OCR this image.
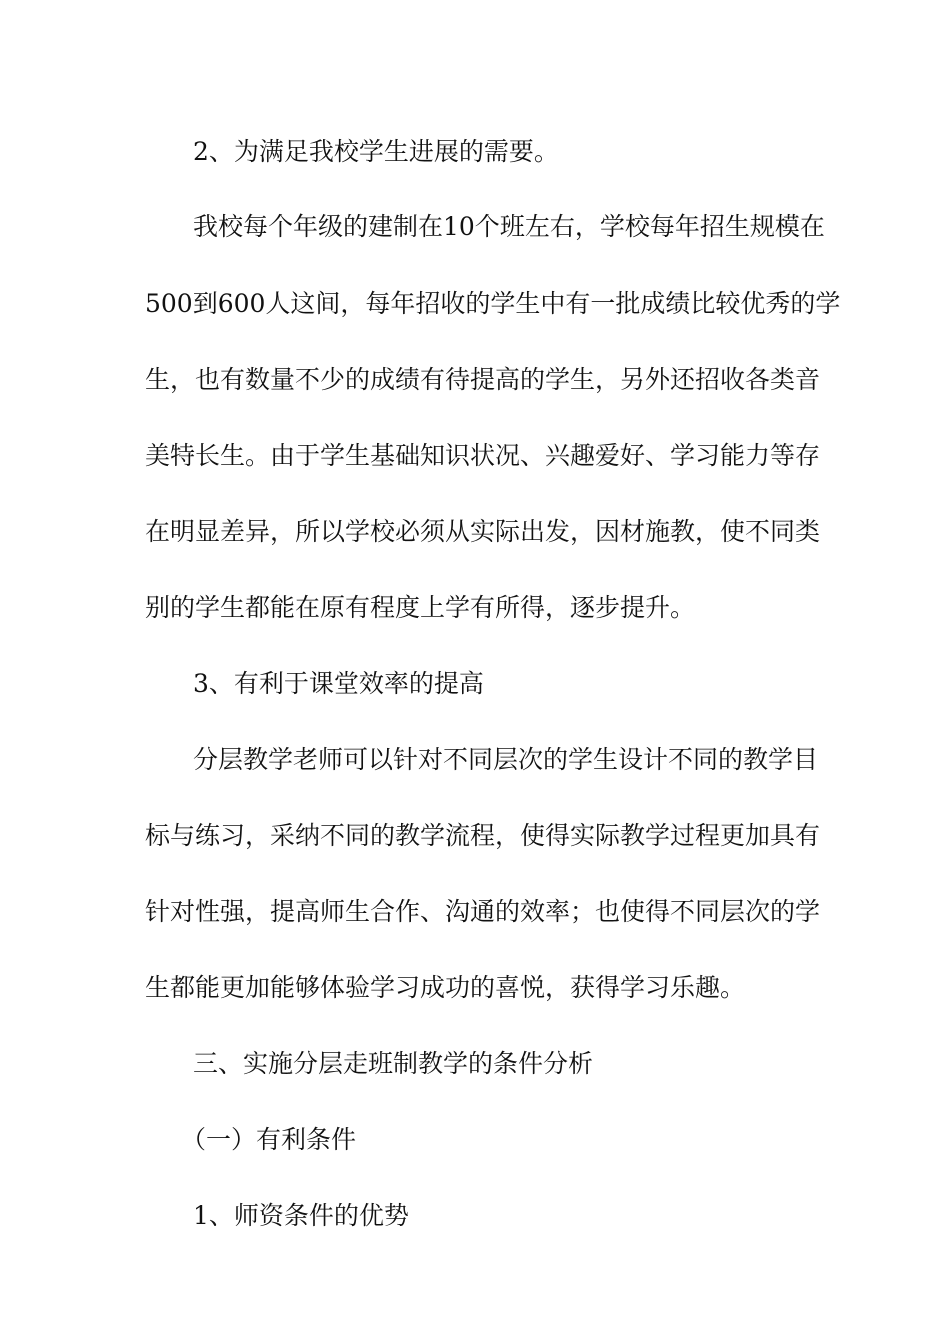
2、为满足我校学生进展的需要。
我校每个年级的建制在10个班左右，学校每年招生规模在
500到600人这间，每年招收的学生中有一批成绩比较优秀的学
生，也有数量不少的成绩有待提高的学生，另外还招收各类音
美特长生。由于学生基础知识状况、兴趣爱好、学习能力等存
在明显差异，所以学校必须从实际出发，因材施教，使不同类
别的学生都能在原有程度上学有所得，逐步提升。
3、有利于课堂效率的提高
分层教学老师可以针对不同层次的学生设计不同的教学目
标与练习，采纳不同的教学流程，使得实际教学过程更加具有
针对性强，提高师生合作、沟通的效率；也使得不同层次的学
生都能更加能够体验学习成功的喜悦，获得学习乐趣。
三、实施分层走班制教学的条件分析
（一）有利条件
1、师资条件的优势
